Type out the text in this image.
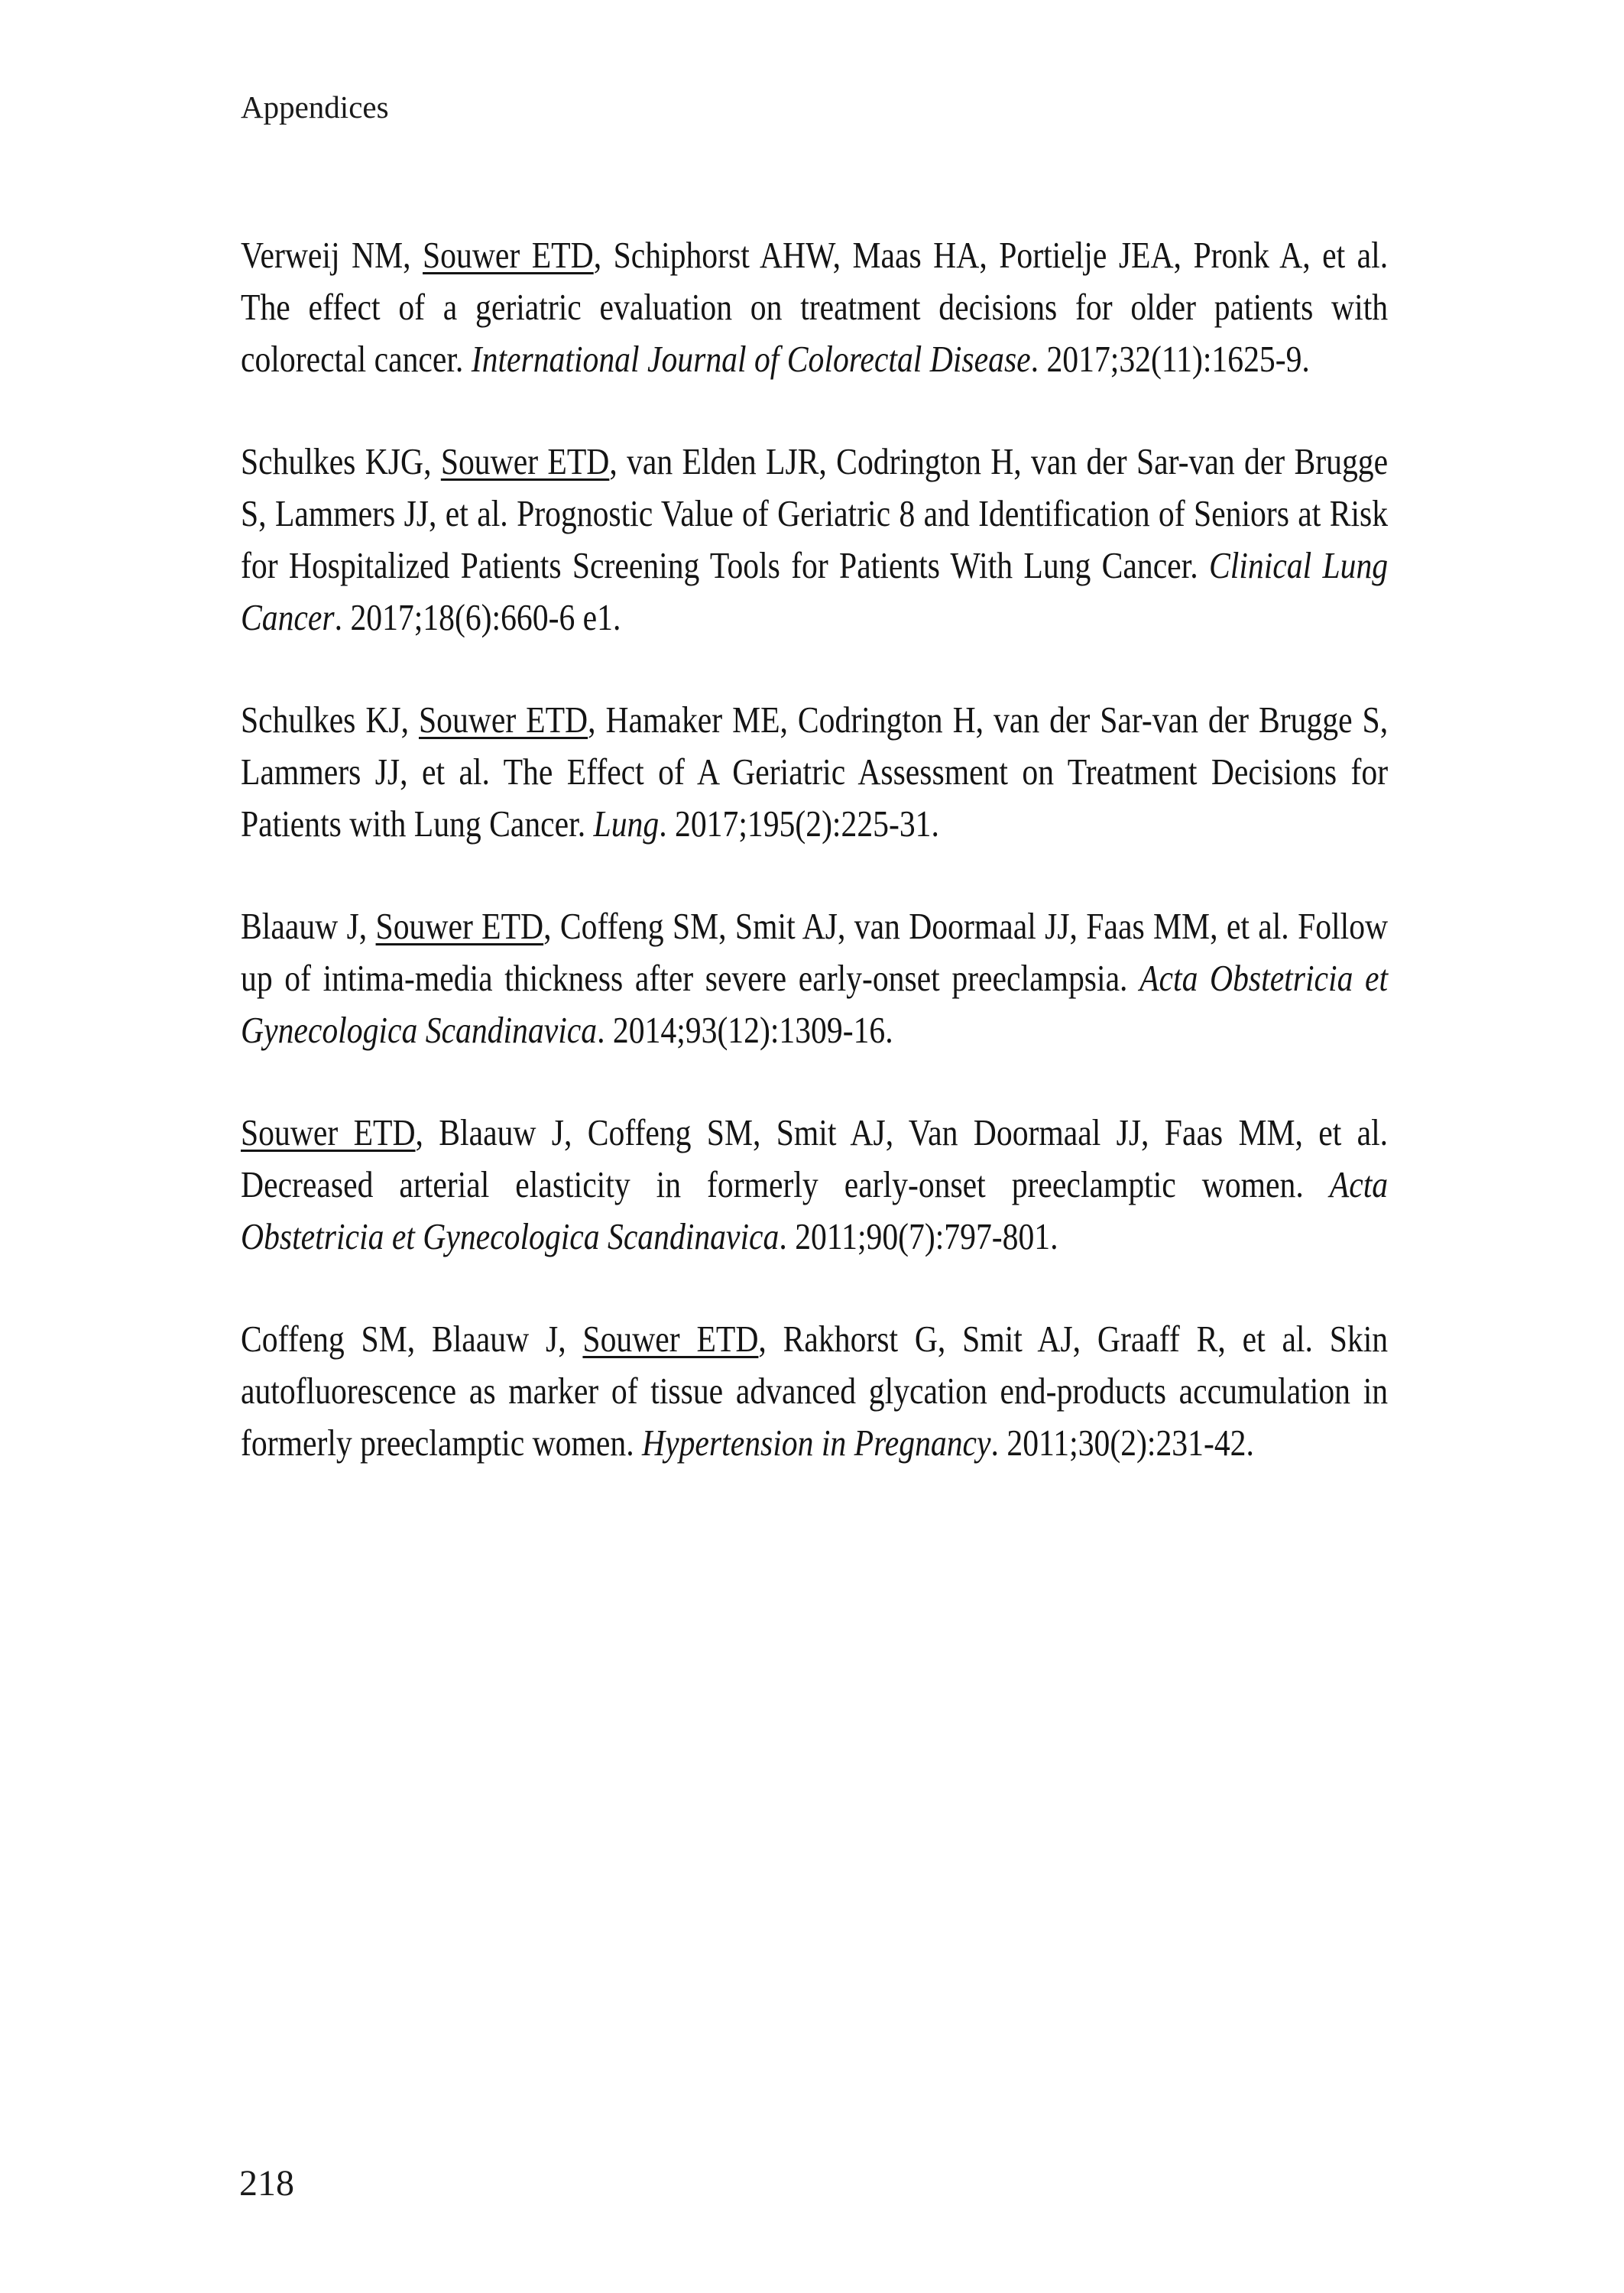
Appendices

Verweij NM, Souwer ETD, Schiphorst AHW, Maas HA, Portielje JEA, Pronk A, et al. The effect of a geriatric evaluation on treatment decisions for older patients with colorectal cancer. International Journal of Colorectal Disease. 2017;32(11):1625-9.

Schulkes KJG, Souwer ETD, van Elden LJR, Codrington H, van der Sar-van der Brugge S, Lammers JJ, et al. Prognostic Value of Geriatric 8 and Identification of Seniors at Risk for Hospitalized Patients Screening Tools for Patients With Lung Cancer. Clinical Lung Cancer. 2017;18(6):660-6 e1.

Schulkes KJ, Souwer ETD, Hamaker ME, Codrington H, van der Sar-van der Brugge S, Lammers JJ, et al. The Effect of A Geriatric Assessment on Treatment Decisions for Patients with Lung Cancer. Lung. 2017;195(2):225-31.

Blaauw J, Souwer ETD, Coffeng SM, Smit AJ, van Doormaal JJ, Faas MM, et al. Follow up of intima-media thickness after severe early-onset preeclampsia. Acta Obstetricia et Gynecologica Scandinavica. 2014;93(12):1309-16.

Souwer ETD, Blaauw J, Coffeng SM, Smit AJ, Van Doormaal JJ, Faas MM, et al. Decreased arterial elasticity in formerly early-onset preeclamptic women. Acta Obstetricia et Gynecologica Scandinavica. 2011;90(7):797-801.

Coffeng SM, Blaauw J, Souwer ETD, Rakhorst G, Smit AJ, Graaff R, et al. Skin autofluorescence as marker of tissue advanced glycation end-products accumulation in formerly preeclamptic women. Hypertension in Pregnancy. 2011;30(2):231-42.

218
